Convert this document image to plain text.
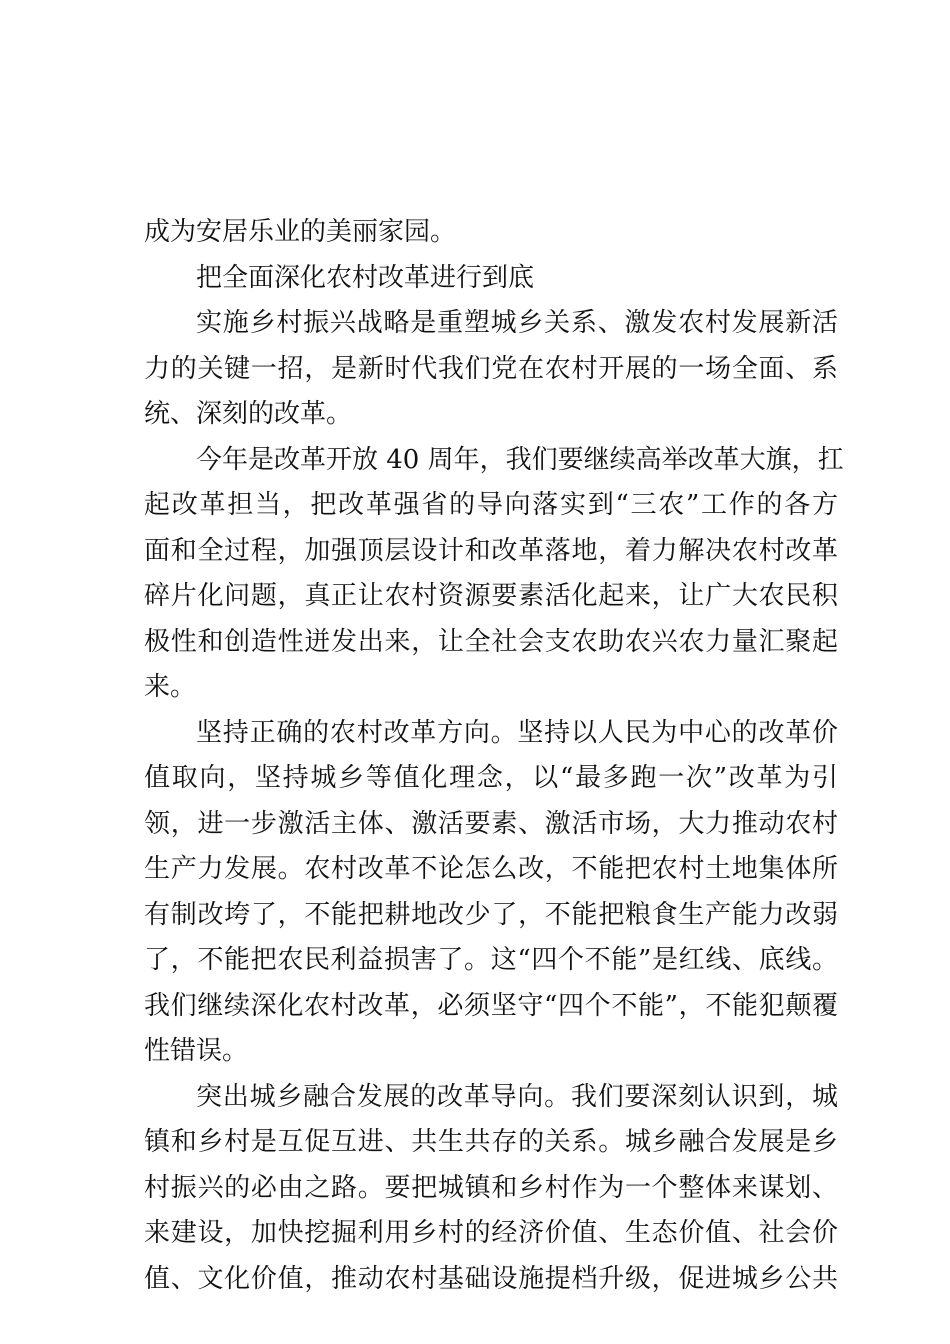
成为安居乐业的美丽家园。
把全面深化农村改革进行到底
实施乡村振兴战略是重塑城乡关系、激发农村发展新活
力的关键一招，是新时代我们党在农村开展的一场全面、系
统、深刻的改革。
今年是改革开放 40 周年，我们要继续高举改革大旗，扛
起改革担当，把改革强省的导向落实到“三农”工作的各方
面和全过程，加强顶层设计和改革落地，着力解决农村改革
碎片化问题，真正让农村资源要素活化起来，让广大农民积
极性和创造性迸发出来，让全社会支农助农兴农力量汇聚起
来。
坚持正确的农村改革方向。坚持以人民为中心的改革价
值取向，坚持城乡等值化理念，以“最多跑一次”改革为引
领，进一步激活主体、激活要素、激活市场，大力推动农村
生产力发展。农村改革不论怎么改，不能把农村土地集体所
有制改垮了，不能把耕地改少了，不能把粮食生产能力改弱
了，不能把农民利益损害了。这“四个不能”是红线、底线。
我们继续深化农村改革，必须坚守“四个不能”，不能犯颠覆
性错误。
突出城乡融合发展的改革导向。我们要深刻认识到，城
镇和乡村是互促互进、共生共存的关系。城乡融合发展是乡
村振兴的必由之路。要把城镇和乡村作为一个整体来谋划、
来建设，加快挖掘利用乡村的经济价值、生态价值、社会价
值、文化价值，推动农村基础设施提档升级，促进城乡公共
